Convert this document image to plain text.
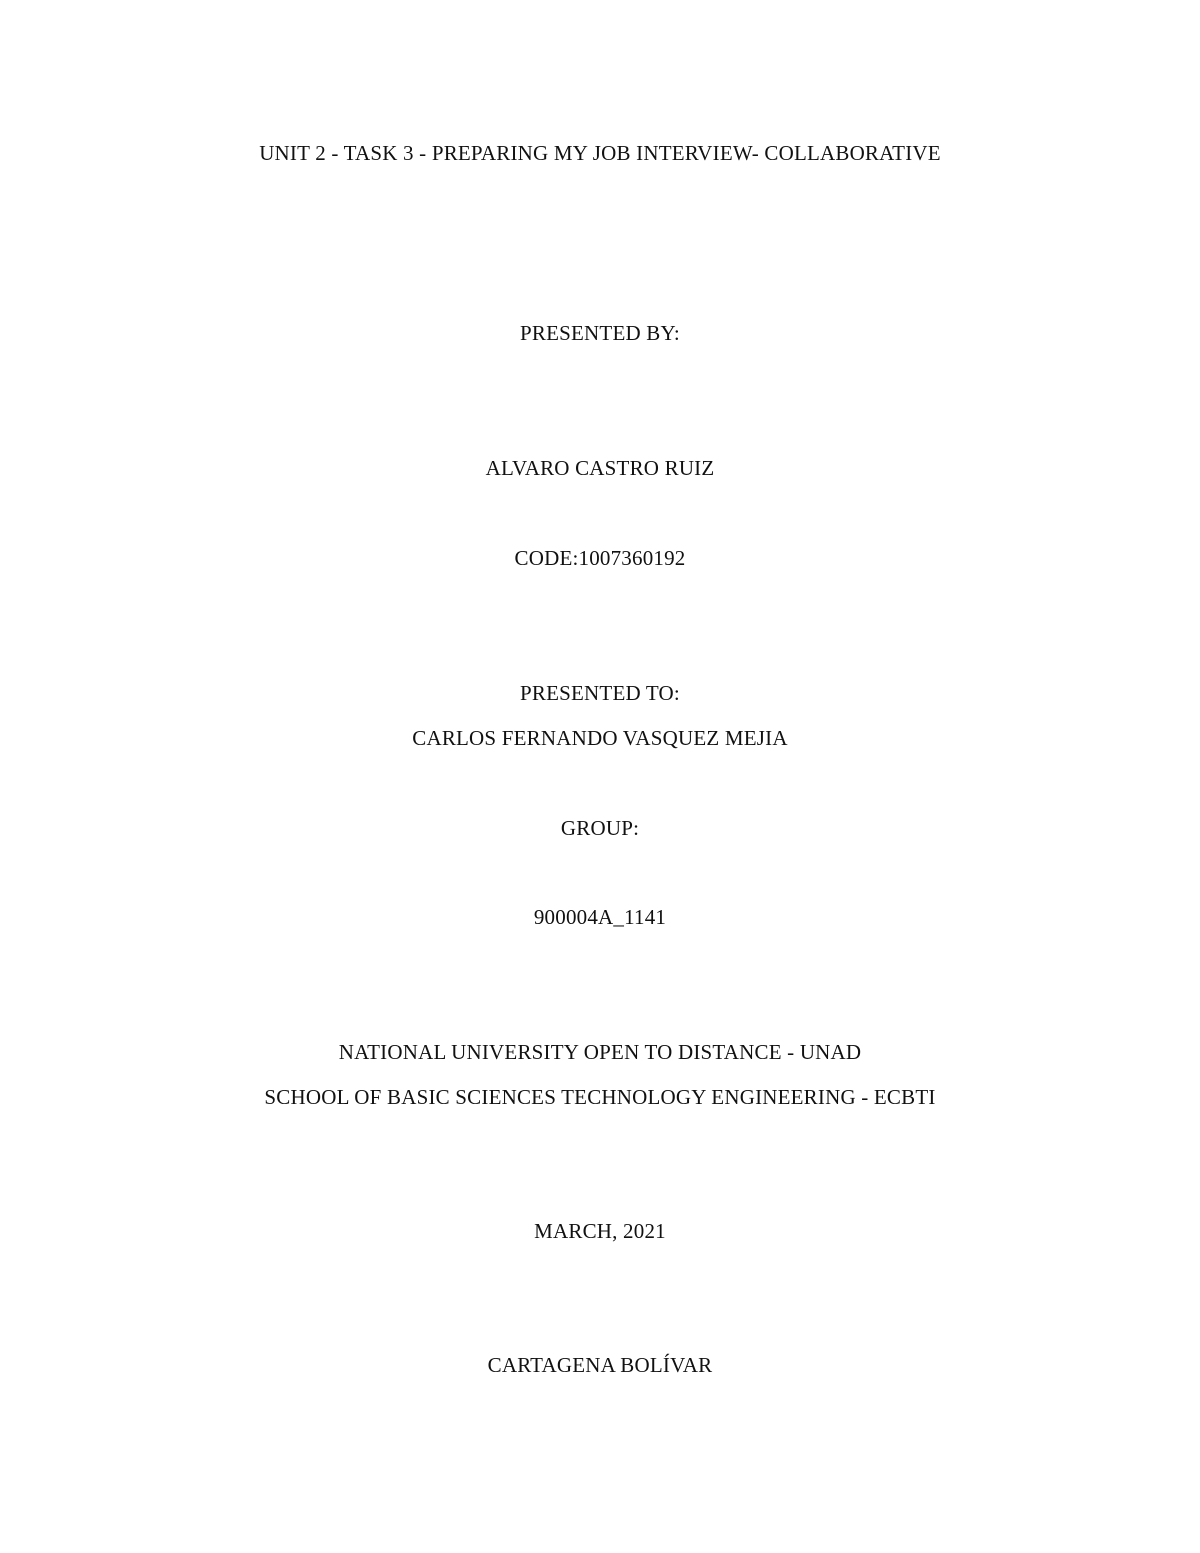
UNIT 2 - TASK 3 - PREPARING MY JOB INTERVIEW- COLLABORATIVE
PRESENTED BY:
ALVARO CASTRO RUIZ
CODE:1007360192
PRESENTED TO:
CARLOS FERNANDO VASQUEZ MEJIA
GROUP:
900004A_1141
NATIONAL UNIVERSITY OPEN TO DISTANCE - UNAD
SCHOOL OF BASIC SCIENCES TECHNOLOGY ENGINEERING - ECBTI
MARCH, 2021
CARTAGENA BOLÍVAR
